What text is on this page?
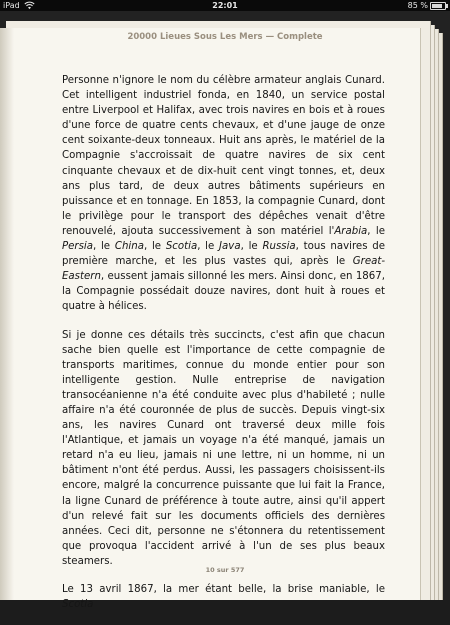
iPad	22:01	85 %
20000 Lieues Sous Les Mers — Complete

Personne n'ignore le nom du célèbre armateur anglais Cunard. Cet intelligent industriel fonda, en 1840, un service postal entre Liverpool et Halifax, avec trois navires en bois et à roues d'une force de quatre cents chevaux, et d'une jauge de onze cent soixante-deux tonneaux. Huit ans après, le matériel de la Compagnie s'accroissait de quatre navires de six cent cinquante chevaux et de dix-huit cent vingt tonnes, et, deux ans plus tard, de deux autres bâtiments supérieurs en puissance et en tonnage. En 1853, la compagnie Cunard, dont le privilège pour le transport des dépêches venait d'être renouvelé, ajouta successivement à son matériel l'Arabia, le Persia, le China, le Scotia, le Java, le Russia, tous navires de première marche, et les plus vastes qui, après le Great-Eastern, eussent jamais sillonné les mers. Ainsi donc, en 1867, la Compagnie possédait douze navires, dont huit à roues et quatre à hélices.

Si je donne ces détails très succincts, c'est afin que chacun sache bien quelle est l'importance de cette compagnie de transports maritimes, connue du monde entier pour son intelligente gestion. Nulle entreprise de navigation transocéanienne n'a été conduite avec plus d'habileté ; nulle affaire n'a été couronnée de plus de succès. Depuis vingt-six ans, les navires Cunard ont traversé deux mille fois l'Atlantique, et jamais un voyage n'a été manqué, jamais un retard n'a eu lieu, jamais ni une lettre, ni un homme, ni un bâtiment n'ont été perdus. Aussi, les passagers choisissent-ils encore, malgré la concurrence puissante que lui fait la France, la ligne Cunard de préférence à toute autre, ainsi qu'il appert d'un relevé fait sur les documents officiels des dernières années. Ceci dit, personne ne s'étonnera du retentissement que provoqua l'accident arrivé à l'un de ses plus beaux steamers.

Le 13 avril 1867, la mer étant belle, la brise maniable, le Scotia

10 sur 577
